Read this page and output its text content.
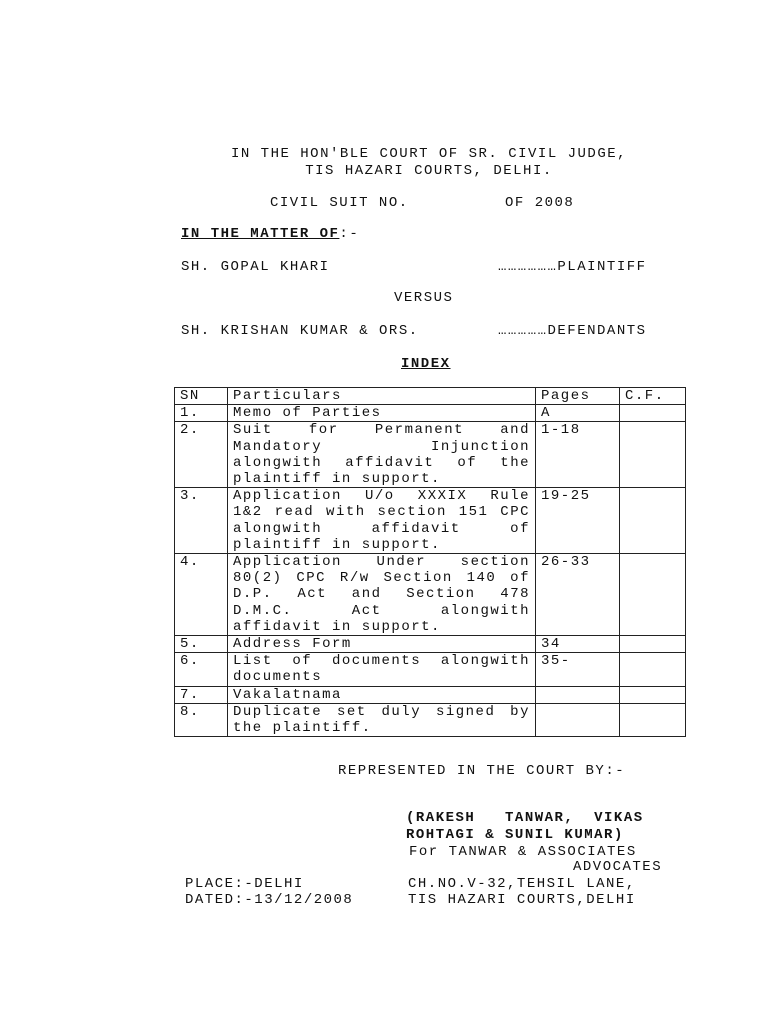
IN THE HON'BLE COURT OF SR. CIVIL JUDGE,
TIS HAZARI COURTS, DELHI.
CIVIL SUIT NO.	OF 2008
IN THE MATTER OF:-
SH. GOPAL KHARI	………………PLAINTIFF
VERSUS
SH. KRISHAN KUMAR & ORS.	……………DEFENDANTS
INDEX
SN	Particulars	Pages	C.F.
1.	Memo of Parties	A	
2.	Suit for Permanent and Mandatory Injunction alongwith affidavit of the plaintiff in support.	1-18	
3.	Application U/o XXXIX Rule 1&2 read with section 151 CPC alongwith affidavit of plaintiff in support.	19-25	
4.	Application Under section 80(2) CPC R/w Section 140 of D.P. Act and Section 478 D.M.C. Act alongwith affidavit in support.	26-33	
5.	Address Form	34	
6.	List of documents alongwith documents	35-	
7.	Vakalatnama		
8.	Duplicate set duly signed by the plaintiff.		
REPRESENTED IN THE COURT BY:-
(RAKESH   TANWAR,  VIKAS
ROHTAGI & SUNIL KUMAR)
For TANWAR & ASSOCIATES
ADVOCATES
PLACE:-DELHI	CH.NO.V-32,TEHSIL LANE,
DATED:-13/12/2008	TIS HAZARI COURTS,DELHI
